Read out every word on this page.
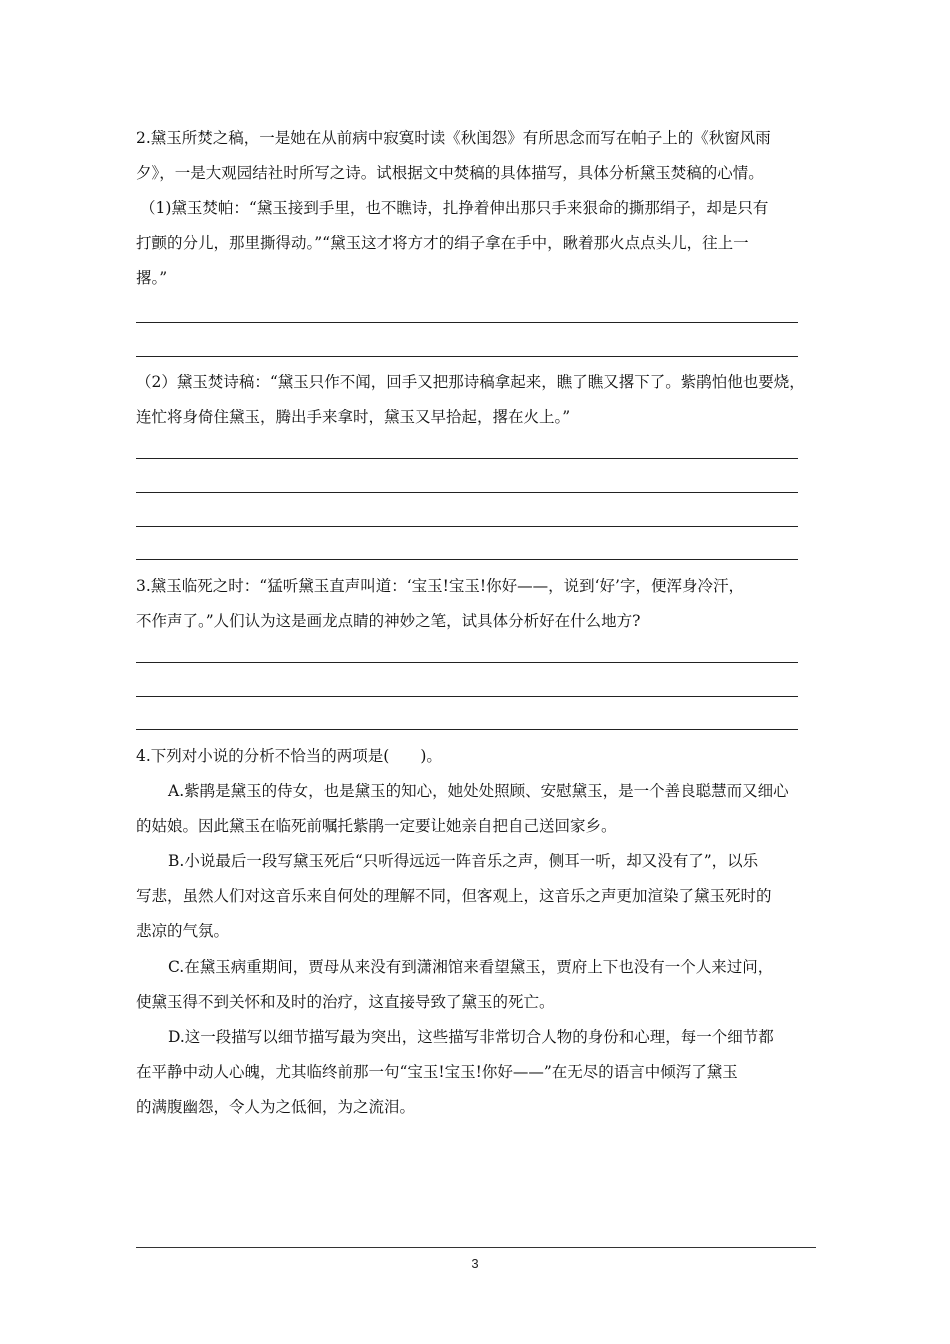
2.黛玉所焚之稿，一是她在从前病中寂寞时读《秋闺怨》有所思念而写在帕子上的《秋窗风雨
夕》，一是大观园结社时所写之诗。试根据文中焚稿的具体描写，具体分析黛玉焚稿的心情。
（1)黛玉焚帕：“黛玉接到手里，也不瞧诗，扎挣着伸出那只手来狠命的撕那绢子，却是只有
打颤的分儿，那里撕得动。”“黛玉这才将方才的绢子拿在手中，瞅着那火点点头儿，往上一
撂。”
（2）黛玉焚诗稿：“黛玉只作不闻，回手又把那诗稿拿起来，瞧了瞧又撂下了。紫鹃怕他也要烧，
连忙将身倚住黛玉，腾出手来拿时，黛玉又早拾起，撂在火上。”
3.黛玉临死之时：“猛听黛玉直声叫道：‘宝玉!宝玉!你好——，说到‘好’字，便浑身冷汗，
不作声了。”人们认为这是画龙点睛的神妙之笔，试具体分析好在什么地方?
4.下列对小说的分析不恰当的两项是(　　)。
A.紫鹃是黛玉的侍女，也是黛玉的知心，她处处照顾、安慰黛玉，是一个善良聪慧而又细心
的姑娘。因此黛玉在临死前嘱托紫鹃一定要让她亲自把自己送回家乡。
B.小说最后一段写黛玉死后“只听得远远一阵音乐之声，侧耳一听，却又没有了”，以乐
写悲，虽然人们对这音乐来自何处的理解不同，但客观上，这音乐之声更加渲染了黛玉死时的
悲凉的气氛。
C.在黛玉病重期间，贾母从来没有到潇湘馆来看望黛玉，贾府上下也没有一个人来过问，
使黛玉得不到关怀和及时的治疗，这直接导致了黛玉的死亡。
D.这一段描写以细节描写最为突出，这些描写非常切合人物的身份和心理，每一个细节都
在平静中动人心魄，尤其临终前那一句“宝玉!宝玉!你好——”在无尽的语言中倾泻了黛玉
的满腹幽怨，令人为之低徊，为之流泪。
3
